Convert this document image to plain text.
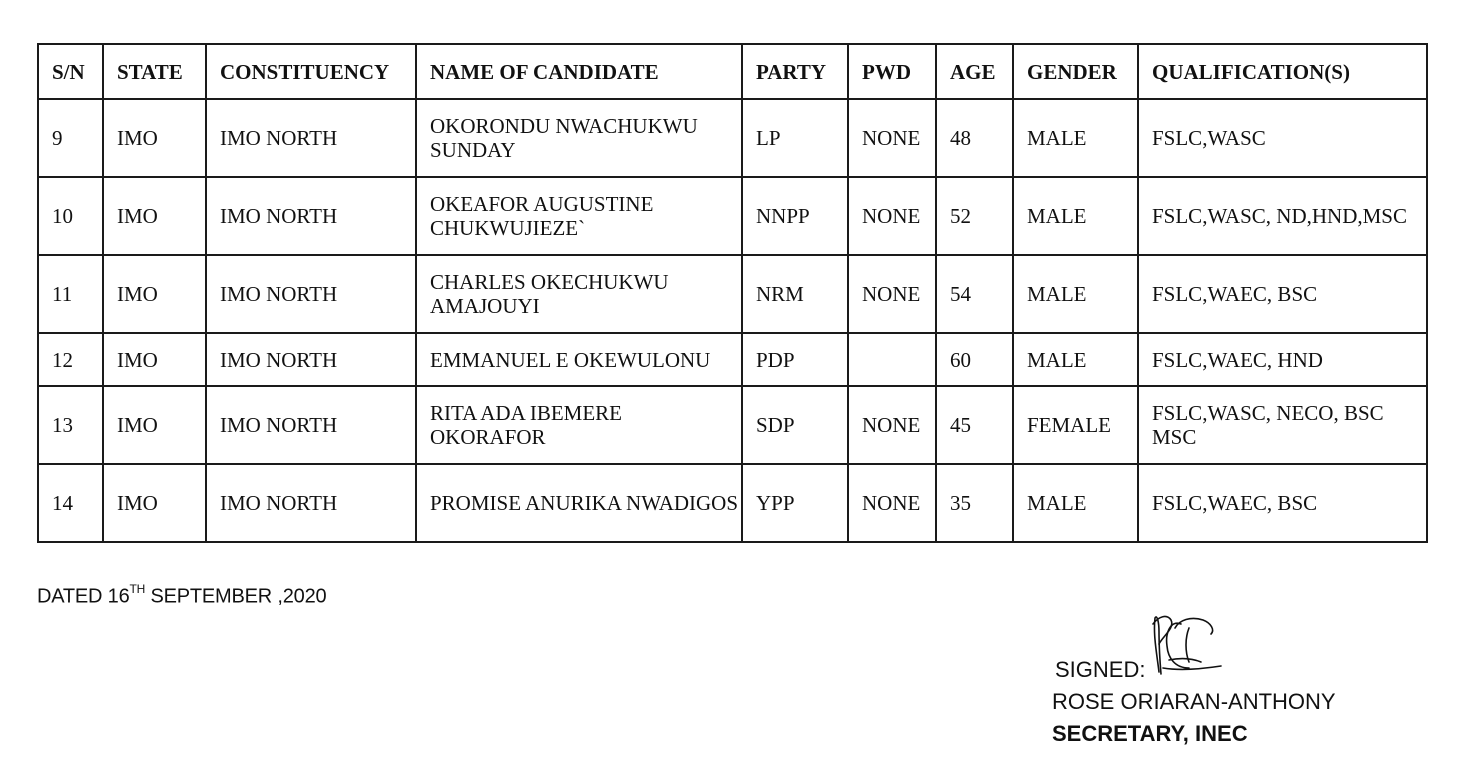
S/N	STATE	CONSTITUENCY	NAME OF CANDIDATE	PARTY	PWD	AGE	GENDER	QUALIFICATION(S)
9	IMO	IMO NORTH	OKORONDU NWACHUKWU SUNDAY	LP	NONE	48	MALE	FSLC,WASC
10	IMO	IMO NORTH	OKEAFOR AUGUSTINE CHUKWUJIEZE`	NNPP	NONE	52	MALE	FSLC,WASC, ND,HND,MSC
11	IMO	IMO NORTH	CHARLES OKECHUKWU AMAJOUYI	NRM	NONE	54	MALE	FSLC,WAEC, BSC
12	IMO	IMO NORTH	EMMANUEL E OKEWULONU	PDP		60	MALE	FSLC,WAEC, HND
13	IMO	IMO NORTH	RITA ADA IBEMERE OKORAFOR	SDP	NONE	45	FEMALE	FSLC,WASC, NECO, BSC MSC
14	IMO	IMO NORTH	PROMISE ANURIKA NWADIGOS	YPP	NONE	35	MALE	FSLC,WAEC, BSC
DATED 16TH SEPTEMBER ,2020
SIGNED:
ROSE ORIARAN-ANTHONY
SECRETARY, INEC
